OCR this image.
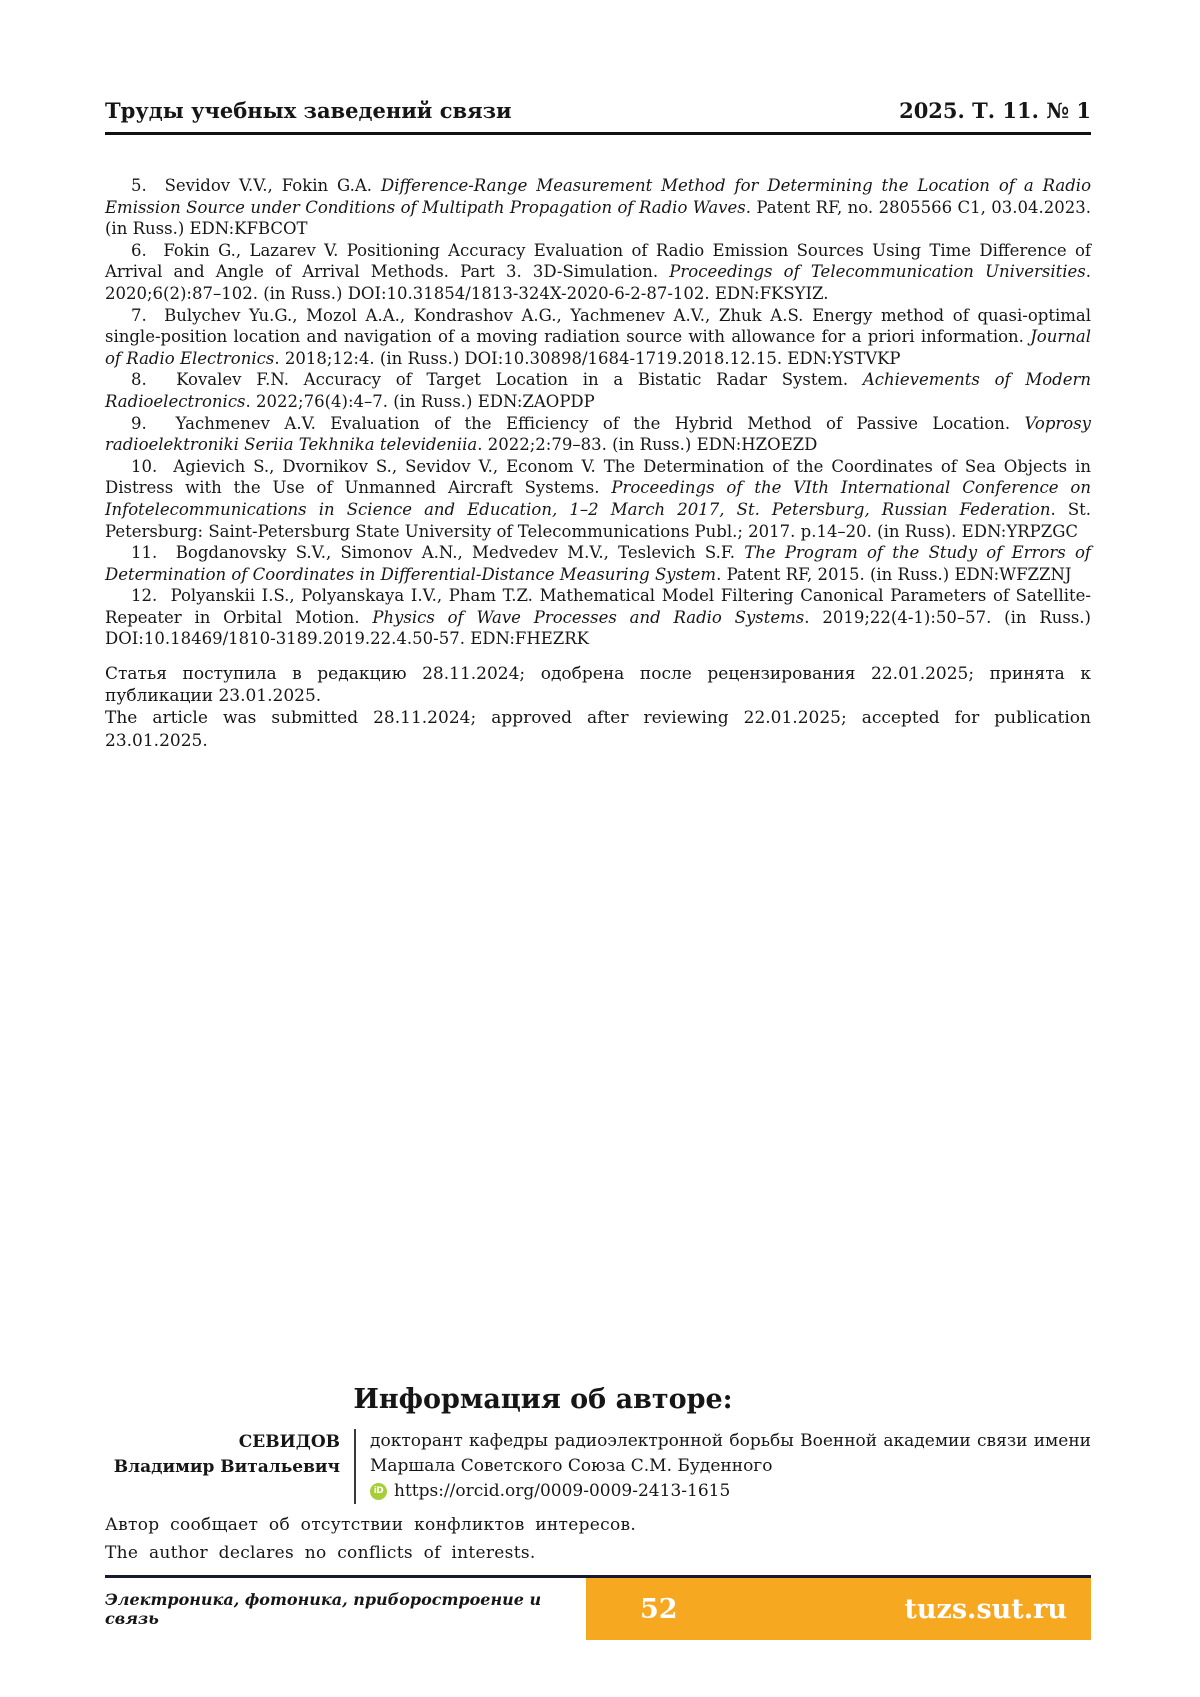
Труды учебных заведений связи	2025. Т. 11. № 1

5.  Sevidov V.V., Fokin G.A. Difference-Range Measurement Method for Determining the Location of a Radio Emission Source under Conditions of Multipath Propagation of Radio Waves. Patent RF, no. 2805566 C1, 03.04.2023. (in Russ.) EDN:KFBCOT

6.  Fokin G., Lazarev V. Positioning Accuracy Evaluation of Radio Emission Sources Using Time Difference of Arrival and Angle of Arrival Methods. Part 3. 3D-Simulation. Proceedings of Telecommunication Universities. 2020;6(2):87–102. (in Russ.) DOI:10.31854/1813-324X-2020-6-2-87-102. EDN:FKSYIZ.

7.  Bulychev Yu.G., Mozol A.A., Kondrashov A.G., Yachmenev A.V., Zhuk A.S. Energy method of quasi-optimal single-position location and navigation of a moving radiation source with allowance for a priori information. Journal of Radio Electronics. 2018;12:4. (in Russ.) DOI:10.30898/1684-1719.2018.12.15. EDN:YSTVKP

8.  Kovalev F.N. Accuracy of Target Location in a Bistatic Radar System. Achievements of Modern Radioelectronics. 2022;76(4):4–7. (in Russ.) EDN:ZAOPDP

9.  Yachmenev A.V. Evaluation of the Efficiency of the Hybrid Method of Passive Location. Voprosy radioelektroniki Seriia Tekhnika televideniia. 2022;2:79–83. (in Russ.) EDN:HZOEZD

10.  Agievich S., Dvornikov S., Sevidov V., Econom V. The Determination of the Coordinates of Sea Objects in Distress with the Use of Unmanned Aircraft Systems. Proceedings of the VIth International Conference on Infotelecommunications in Science and Education, 1–2 March 2017, St. Petersburg, Russian Federation. St. Petersburg: Saint-Petersburg State University of Telecommunications Publ.; 2017. p.14–20. (in Russ). EDN:YRPZGC

11.  Bogdanovsky S.V., Simonov A.N., Medvedev M.V., Teslevich S.F. The Program of the Study of Errors of Determination of Coordinates in Differential-Distance Measuring System. Patent RF, 2015. (in Russ.) EDN:WFZZNJ

12.  Polyanskii I.S., Polyanskaya I.V., Pham T.Z. Mathematical Model Filtering Canonical Parameters of Satellite-Repeater in Orbital Motion. Physics of Wave Processes and Radio Systems. 2019;22(4-1):50–57. (in Russ.) DOI:10.18469/1810-3189.2019.22.4.50-57. EDN:FHEZRK

Статья поступила в редакцию 28.11.2024; одобрена после рецензирования 22.01.2025; принята к публикации 23.01.2025.

The article was submitted 28.11.2024; approved after reviewing 22.01.2025; accepted for publication 23.01.2025.

Информация об авторе:
СЕВИДОВ
Владимир Витальевич
докторант кафедры радиоэлектронной борьбы Военной академии связи имени Маршала Советского Союза С.М. Буденного
iD https://orcid.org/0009-0009-2413-1615

Автор сообщает об отсутствии конфликтов интересов.

The author declares no conflicts of interests.

Электроника, фотоника, приборостроение и связь	52	tuzs.sut.ru
